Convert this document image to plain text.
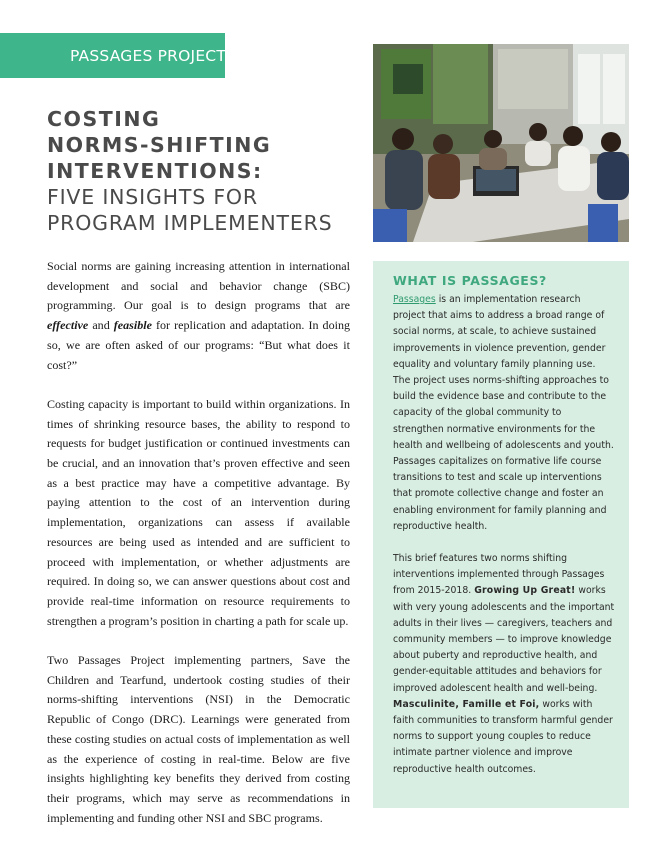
PASSAGES PROJECT
COSTING
NORMS-SHIFTING
INTERVENTIONS:
FIVE INSIGHTS FOR
PROGRAM IMPLEMENTERS

Social norms are gaining increasing attention in international development and social and behavior change (SBC) programming. Our goal is to design programs that are effective and feasible for replication and adaptation. In doing so, we are often asked of our programs: “But what does it cost?”

Costing capacity is important to build within organizations. In times of shrinking resource bases, the ability to respond to requests for budget justification or continued investments can be crucial, and an innovation that’s proven effective and seen as a best practice may have a competitive advantage. By paying attention to the cost of an intervention during implementation, organizations can assess if available resources are being used as intended and are sufficient to proceed with implementation, or whether adjustments are required. In doing so, we can answer questions about cost and provide real-time information on resource requirements to strengthen a program’s position in charting a path for scale up.

Two Passages Project implementing partners, Save the Children and Tearfund, undertook costing studies of their norms-shifting interventions (NSI) in the Democratic Republic of Congo (DRC). Learnings were generated from these costing studies on actual costs of implementation as well as the experience of costing in real-time. Below are five insights highlighting key benefits they derived from costing their programs, which may serve as recommendations in implementing and funding other NSI and SBC programs.

WHAT IS PASSAGES?

Passages is an implementation research project that aims to address a broad range of social norms, at scale, to achieve sustained improvements in violence prevention, gender equality and voluntary family planning use. The project uses norms-shifting approaches to build the evidence base and contribute to the capacity of the global community to strengthen normative environments for the health and wellbeing of adolescents and youth. Passages capitalizes on formative life course transitions to test and scale up interventions that promote collective change and foster an enabling environment for family planning and reproductive health.

This brief features two norms shifting interventions implemented through Passages from 2015-2018. Growing Up Great! works with very young adolescents and the important adults in their lives — caregivers, teachers and community members — to improve knowledge about puberty and reproductive health, and gender-equitable attitudes and behaviors for improved adolescent health and well-being. Masculinite, Famille et Foi, works with faith communities to transform harmful gender norms to support young couples to reduce intimate partner violence and improve reproductive health outcomes.
